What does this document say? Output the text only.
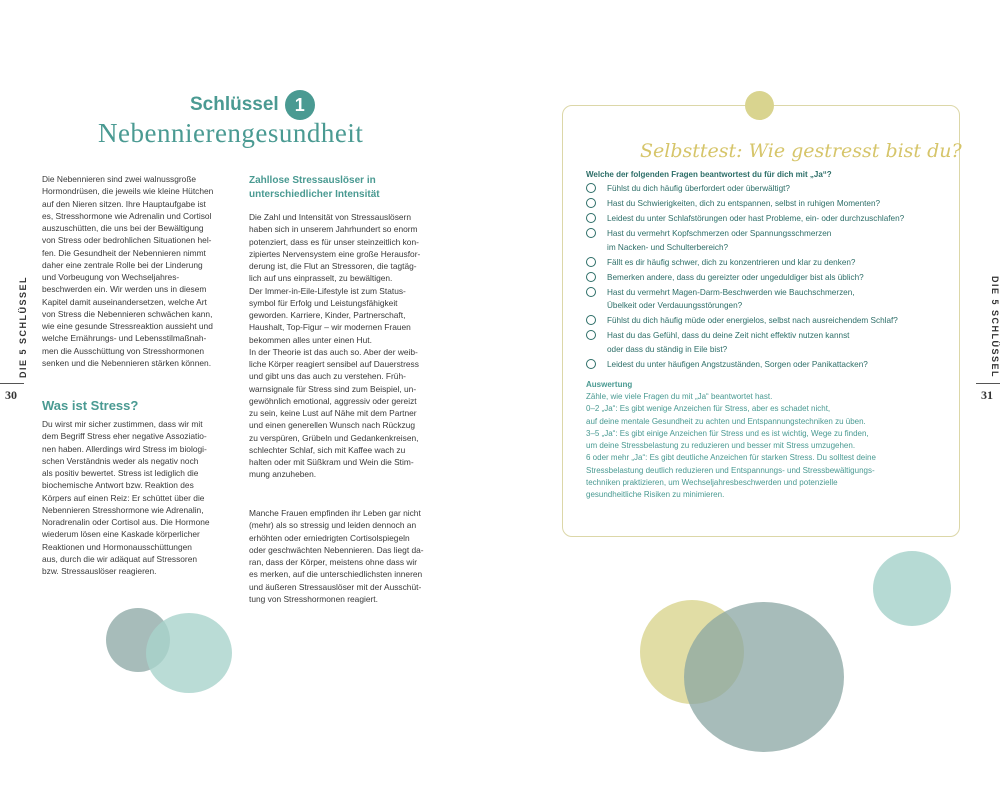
DIE 5 SCHLÜSSEL
30
DIE 5 SCHLÜSSEL
31
Schlüssel 1
Nebennierengesundheit

Die Nebennieren sind zwei walnussgroße
Hormondrüsen, die jeweils wie kleine Hütchen
auf den Nieren sitzen. Ihre Hauptaufgabe ist
es, Stresshormone wie Adrenalin und Cortisol
auszuschütten, die uns bei der Bewältigung
von Stress oder bedrohlichen Situationen hel-
fen. Die Gesundheit der Nebennieren nimmt
daher eine zentrale Rolle bei der Linderung
und Vorbeugung von Wechseljahres-
beschwerden ein. Wir werden uns in diesem
Kapitel damit auseinandersetzen, welche Art
von Stress die Nebennieren schwächen kann,
wie eine gesunde Stressreaktion aussieht und
welche Ernährungs- und Lebensstilmaßnah-
men die Ausschüttung von Stresshormonen
senken und die Nebennieren stärken können.

Was ist Stress?

Du wirst mir sicher zustimmen, dass wir mit
dem Begriff Stress eher negative Assoziatio-
nen haben. Allerdings wird Stress im biologi-
schen Verständnis weder als negativ noch
als positiv bewertet. Stress ist lediglich die
biochemische Antwort bzw. Reaktion des
Körpers auf einen Reiz: Er schüttet über die
Nebennieren Stresshormone wie Adrenalin,
Noradrenalin oder Cortisol aus. Die Hormone
wiederum lösen eine Kaskade körperlicher
Reaktionen und Hormonausschüttungen
aus, durch die wir adäquat auf Stressoren
bzw. Stressauslöser reagieren.

Zahllose Stressauslöser in
unterschiedlicher Intensität

Die Zahl und Intensität von Stressauslösern
haben sich in unserem Jahrhundert so enorm
potenziert, dass es für unser steinzeitlich kon-
zipiertes Nervensystem eine große Herausfor-
derung ist, die Flut an Stressoren, die tagtäg-
lich auf uns einprasselt, zu bewältigen.
Der Immer-in-Eile-Lifestyle ist zum Status-
symbol für Erfolg und Leistungsfähigkeit
geworden. Karriere, Kinder, Partnerschaft,
Haushalt, Top-Figur – wir modernen Frauen
bekommen alles unter einen Hut.
In der Theorie ist das auch so. Aber der weib-
liche Körper reagiert sensibel auf Dauerstress
und gibt uns das auch zu verstehen. Früh-
warnsignale für Stress sind zum Beispiel, un-
gewöhnlich emotional, aggressiv oder gereizt
zu sein, keine Lust auf Nähe mit dem Partner
und einen generellen Wunsch nach Rückzug
zu verspüren, Grübeln und Gedankenkreisen,
schlechter Schlaf, sich mit Kaffee wach zu
halten oder mit Süßkram und Wein die Stim-
mung anzuheben.

Manche Frauen empfinden ihr Leben gar nicht
(mehr) als so stressig und leiden dennoch an
erhöhten oder erniedrigten Cortisolspiegeln
oder geschwächten Nebennieren. Das liegt da-
ran, dass der Körper, meistens ohne dass wir
es merken, auf die unterschiedlichsten inneren
und äußeren Stressauslöser mit der Ausschüt-
tung von Stresshormonen reagiert.

Selbsttest: Wie gestresst bist du?
Welche der folgenden Fragen beantwortest du für dich mit „Ja“?
Fühlst du dich häufig überfordert oder überwältigt?
Hast du Schwierigkeiten, dich zu entspannen, selbst in ruhigen Momenten?
Leidest du unter Schlafstörungen oder hast Probleme, ein- oder durchzuschlafen?
Hast du vermehrt Kopfschmerzen oder Spannungsschmerzen
im Nacken- und Schulterbereich?
Fällt es dir häufig schwer, dich zu konzentrieren und klar zu denken?
Bemerken andere, dass du gereizter oder ungeduldiger bist als üblich?
Hast du vermehrt Magen-Darm-Beschwerden wie Bauchschmerzen,
Übelkeit oder Verdauungsstörungen?
Fühlst du dich häufig müde oder energielos, selbst nach ausreichendem Schlaf?
Hast du das Gefühl, dass du deine Zeit nicht effektiv nutzen kannst
oder dass du ständig in Eile bist?
Leidest du unter häufigen Angstzuständen, Sorgen oder Panikattacken?
Auswertung
Zähle, wie viele Fragen du mit „Ja“ beantwortet hast.
0–2 „Ja“: Es gibt wenige Anzeichen für Stress, aber es schadet nicht,
auf deine mentale Gesundheit zu achten und Entspannungstechniken zu üben.
3–5 „Ja“: Es gibt einige Anzeichen für Stress und es ist wichtig, Wege zu finden,
um deine Stressbelastung zu reduzieren und besser mit Stress umzugehen.
6 oder mehr „Ja“: Es gibt deutliche Anzeichen für starken Stress. Du solltest deine
Stressbelastung deutlich reduzieren und Entspannungs- und Stressbewältigungs-
techniken praktizieren, um Wechseljahresbeschwerden und potenzielle
gesundheitliche Risiken zu minimieren.
